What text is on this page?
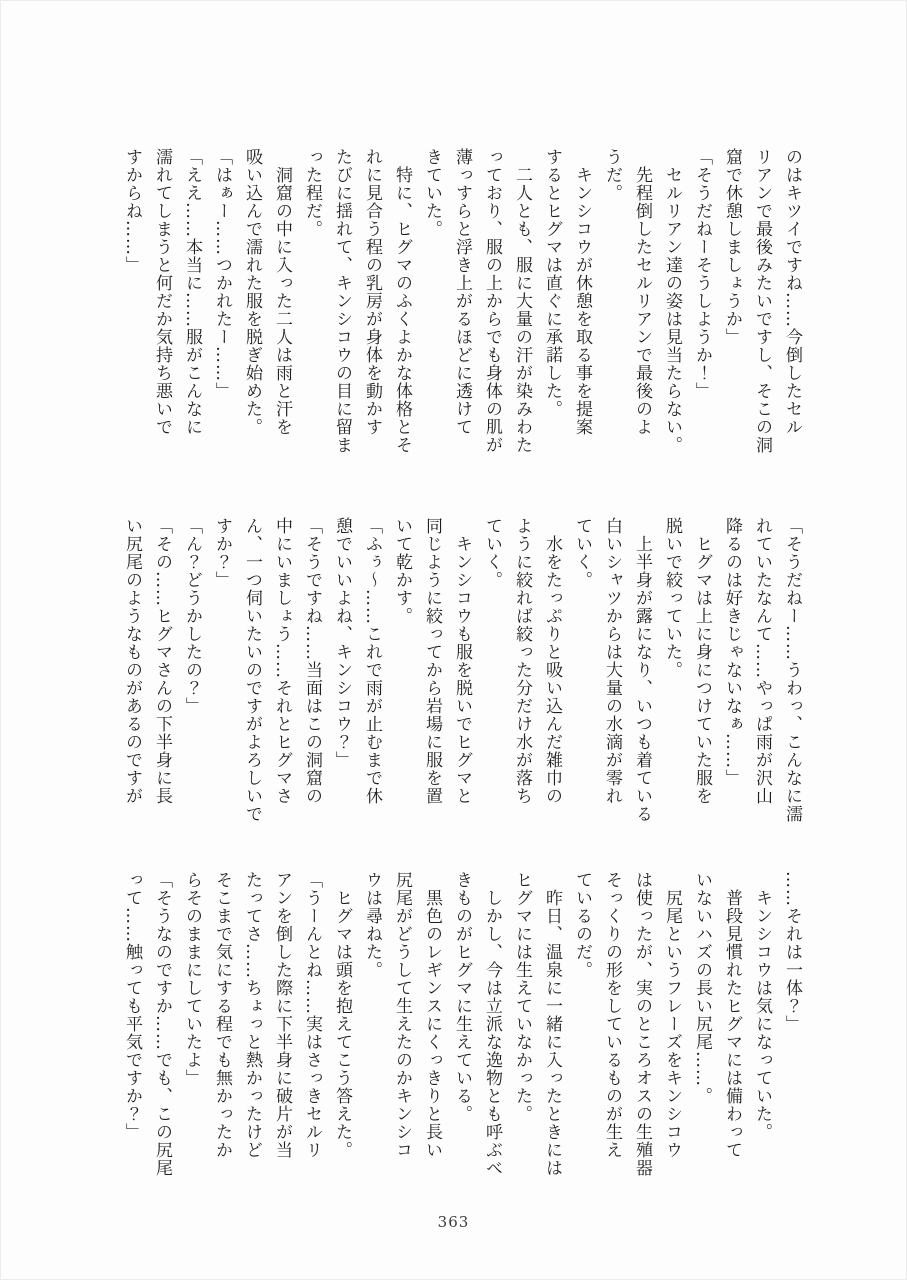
のはキツイですね……今倒したセル

リアンで最後みたいですし、そこの洞

窟で休憩しましょうか」

「そうだねーそうしようか！」

セルリアン達の姿は見当たらない。

先程倒したセルリアンで最後のよ

うだ。

キンシコウが休憩を取る事を提案

するとヒグマは直ぐに承諾した。

二人とも、服に大量の汗が染みわた

っており、服の上からでも身体の肌が

薄っすらと浮き上がるほどに透けて

きていた。

特に、ヒグマのふくよかな体格とそ

れに見合う程の乳房が身体を動かす

たびに揺れて、キンシコウの目に留ま

った程だ。

洞窟の中に入った二人は雨と汗を

吸い込んで濡れた服を脱ぎ始めた。

「はぁー……つかれたー……」

「ええ……本当に……服がこんなに

濡れてしまうと何だか気持ち悪いで

すからね……」

「そうだねー……うわっ、こんなに濡

れていたなんて……やっぱ雨が沢山

降るのは好きじゃないなぁ……」

ヒグマは上に身につけていた服を

脱いで絞っていた。

上半身が露になり、いつも着ている

白いシャツからは大量の水滴が零れ

ていく。

水をたっぷりと吸い込んだ雑巾の

ように絞れば絞った分だけ水が落ち

ていく。

キンシコウも服を脱いでヒグマと

同じように絞ってから岩場に服を置

いて乾かす。

「ふぅ〜……これで雨が止むまで休

憩でいいよね、キンシコウ？」

「そうですね……当面はこの洞窟の

中にいましょう……それとヒグマさ

ん、一つ伺いたいのですがよろしいで

すか？」

「ん？どうかしたの？」

「その……ヒグマさんの下半身に長

い尻尾のようなものがあるのですが

……それは一体？」

キンシコウは気になっていた。

普段見慣れたヒグマには備わって

いないハズの長い尻尾……。

尻尾というフレーズをキンシコウ

は使ったが、実のところオスの生殖器

そっくりの形をしているものが生え

ているのだ。

昨日、温泉に一緒に入ったときには

ヒグマには生えていなかった。

しかし、今は立派な逸物とも呼ぶべ

きものがヒグマに生えている。

黒色のレギンスにくっきりと長い

尻尾がどうして生えたのかキンシコ

ウは尋ねた。

ヒグマは頭を抱えてこう答えた。

「うーんとね……実はさっきセルリ

アンを倒した際に下半身に破片が当

たってさ……ちょっと熱かったけど

そこまで気にする程でも無かったか

らそのままにしていたよ」

「そうなのですか……でも、この尻尾

って……触っても平気ですか？」

363
